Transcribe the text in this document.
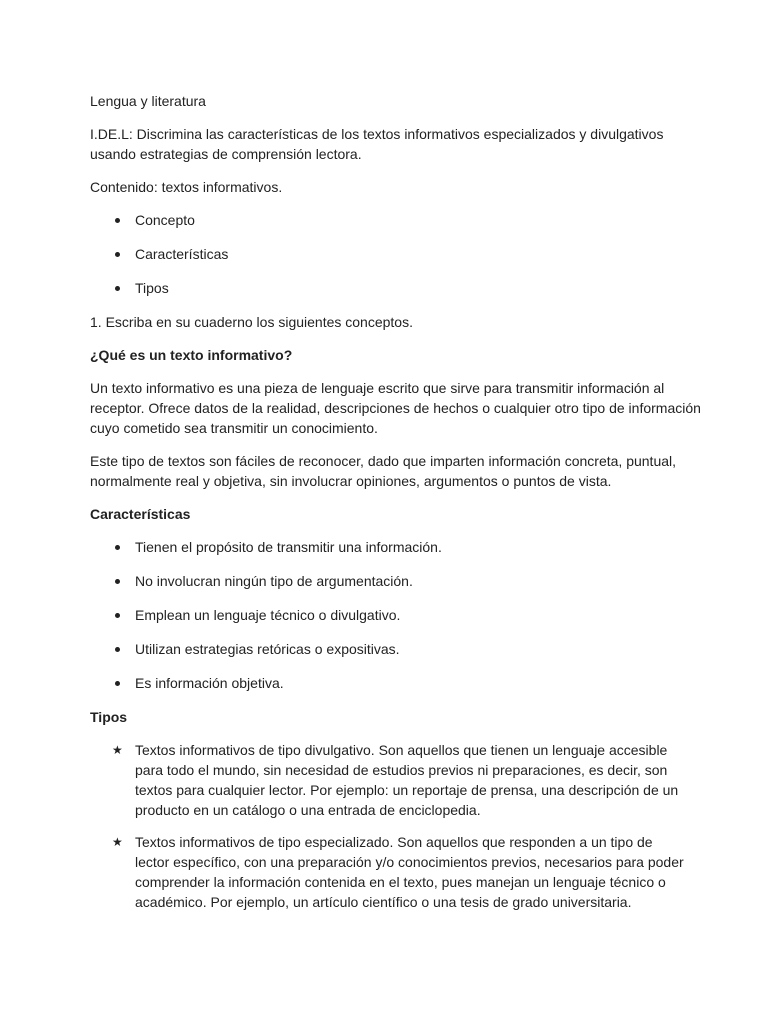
Lengua y literatura

I.DE.L: Discrimina las características de los textos informativos especializados y divulgativos usando estrategias de comprensión lectora.

Contenido: textos informativos.

Concepto
Características
Tipos

1. Escriba en su cuaderno los siguientes conceptos.

¿Qué es un texto informativo?

Un texto informativo es una pieza de lenguaje escrito que sirve para transmitir información al receptor. Ofrece datos de la realidad, descripciones de hechos o cualquier otro tipo de información cuyo cometido sea transmitir un conocimiento.

Este tipo de textos son fáciles de reconocer, dado que imparten información concreta, puntual, normalmente real y objetiva, sin involucrar opiniones, argumentos o puntos de vista.

Características

Tienen el propósito de transmitir una información.
No involucran ningún tipo de argumentación.
Emplean un lenguaje técnico o divulgativo.
Utilizan estrategias retóricas o expositivas.
Es información objetiva.

Tipos

★ Textos informativos de tipo divulgativo. Son aquellos que tienen un lenguaje accesible para todo el mundo, sin necesidad de estudios previos ni preparaciones, es decir, son textos para cualquier lector. Por ejemplo: un reportaje de prensa, una descripción de un producto en un catálogo o una entrada de enciclopedia.
★ Textos informativos de tipo especializado. Son aquellos que responden a un tipo de lector específico, con una preparación y/o conocimientos previos, necesarios para poder comprender la información contenida en el texto, pues manejan un lenguaje técnico o académico. Por ejemplo, un artículo científico o una tesis de grado universitaria.
